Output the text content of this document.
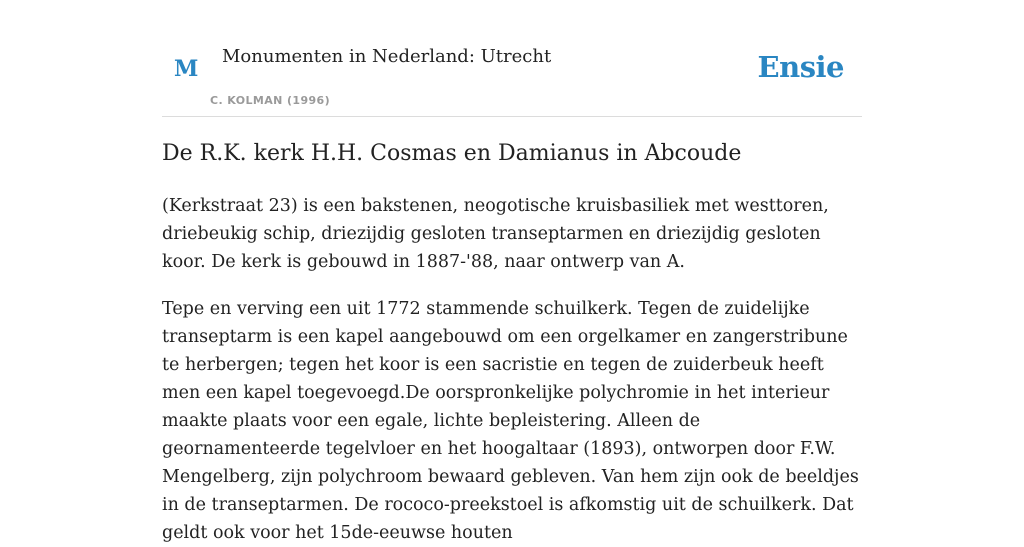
M Monumenten in Nederland: Utrecht
C. KOLMAN (1996)
Ensie
De R.K. kerk H.H. Cosmas en Damianus in Abcoude

(Kerkstraat 23) is een bakstenen, neogotische kruisbasiliek met westtoren, driebeukig schip, driezijdig gesloten transeptarmen en driezijdig gesloten koor. De kerk is gebouwd in 1887-'88, naar ontwerp van A.

Tepe en verving een uit 1772 stammende schuilkerk. Tegen de zuidelijke transeptarm is een kapel aangebouwd om een orgelkamer en zangerstribune te herbergen; tegen het koor is een sacristie en tegen de zuiderbeuk heeft men een kapel toegevoegd.De oorspronkelijke polychromie in het interieur maakte plaats voor een egale, lichte bepleistering. Alleen de geornamenteerde tegelvloer en het hoogaltaar (1893), ontworpen door F.W. Mengelberg, zijn polychroom bewaard gebleven. Van hem zijn ook de beeldjes in de transeptarmen. De rococo-preekstoel is afkomstig uit de schuilkerk. Dat geldt ook voor het 15de-eeuwse houten
